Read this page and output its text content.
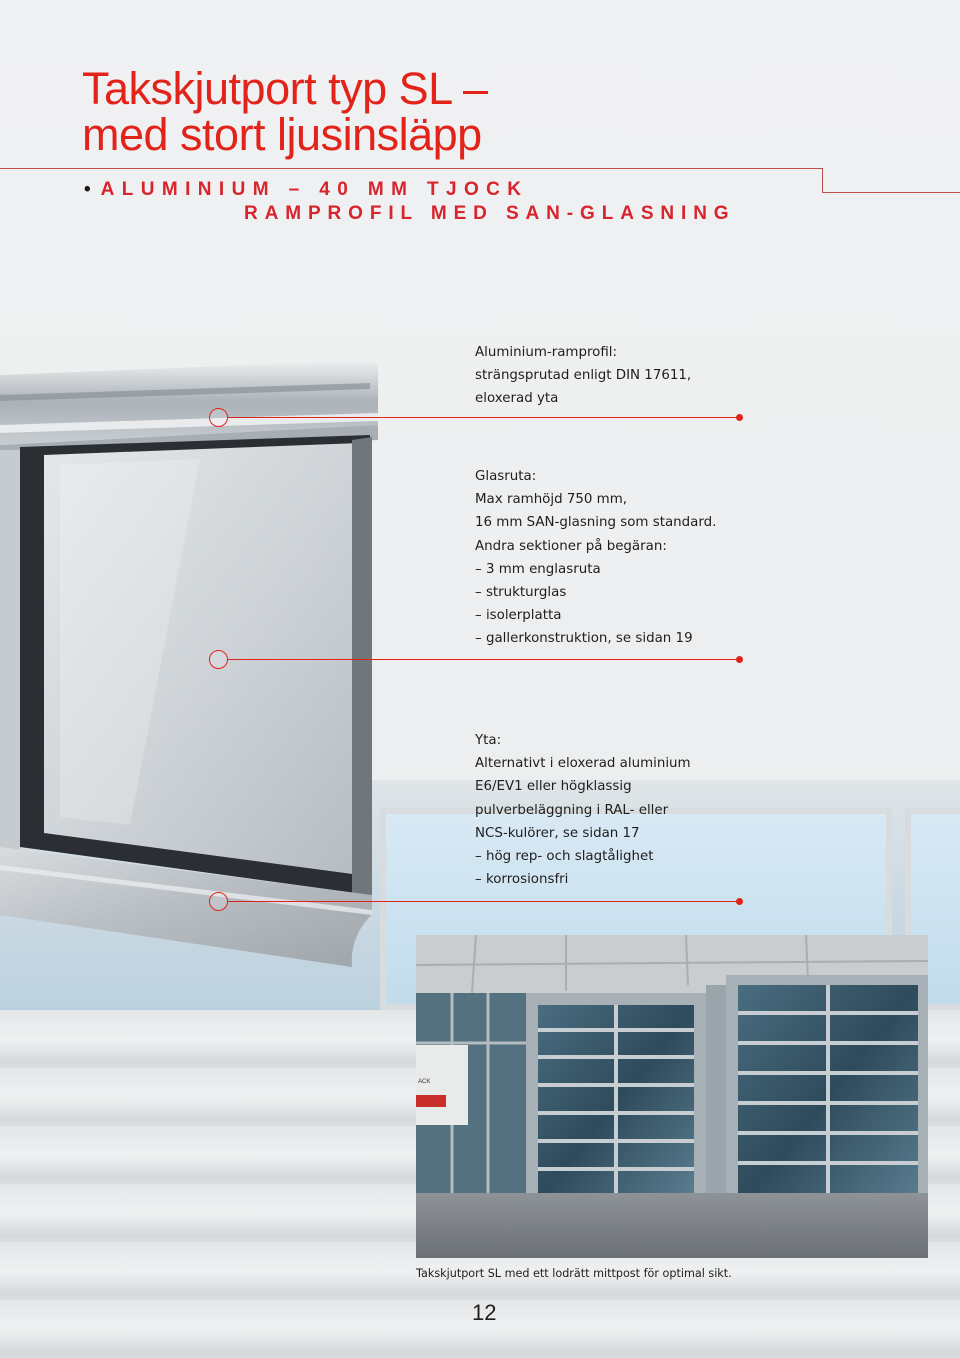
Takskjutport typ SL –
med stort ljusinsläpp
• ALUMINIUM – 40 MM TJOCK
RAMPROFIL MED SAN-GLASNING
Aluminium-ramprofil:
strängsprutad enligt DIN 17611,
eloxerad yta
Glasruta:
Max ramhöjd 750 mm,
16 mm SAN-glasning som standard.
Andra sektioner på begäran:
– 3 mm englasruta
– strukturglas
– isolerplatta
– gallerkonstruktion, se sidan 19
Yta:
Alternativt i eloxerad aluminium
E6/EV1 eller högklassig
pulverbeläggning i RAL- eller
NCS-kulörer, se sidan 17
– hög rep- och slagtålighet
– korrosionsfri
ACK
Takskjutport SL med ett lodrätt mittpost för optimal sikt.
12
